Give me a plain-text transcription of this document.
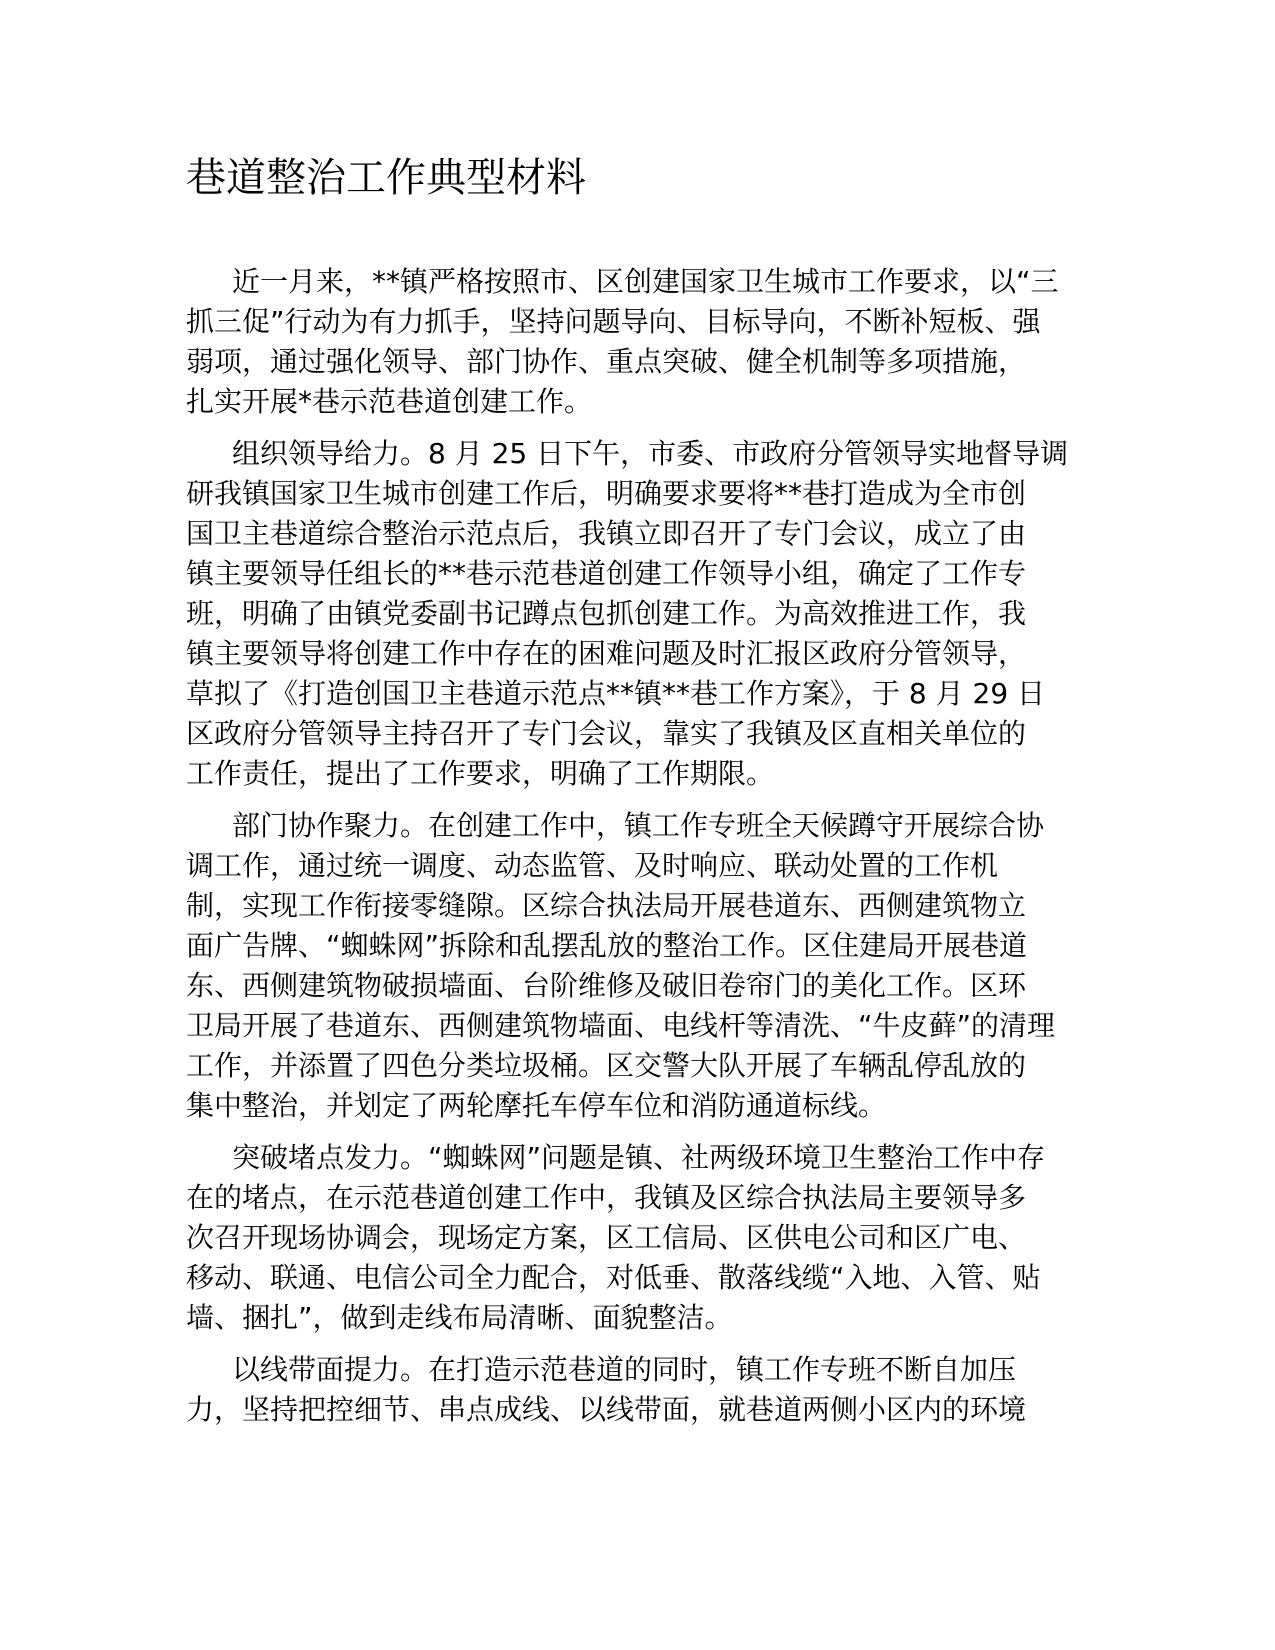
巷道整治工作典型材料

近一月来，**镇严格按照市、区创建国家卫生城市工作要求，以“三
抓三促”行动为有力抓手，坚持问题导向、目标导向，不断补短板、强
弱项，通过强化领导、部门协作、重点突破、健全机制等多项措施，
扎实开展*巷示范巷道创建工作。

组织领导给力。8 月 25 日下午，市委、市政府分管领导实地督导调
研我镇国家卫生城市创建工作后，明确要求要将**巷打造成为全市创
国卫主巷道综合整治示范点后，我镇立即召开了专门会议，成立了由
镇主要领导任组长的**巷示范巷道创建工作领导小组，确定了工作专
班，明确了由镇党委副书记蹲点包抓创建工作。为高效推进工作，我
镇主要领导将创建工作中存在的困难问题及时汇报区政府分管领导，
草拟了《打造创国卫主巷道示范点**镇**巷工作方案》，于 8 月 29 日
区政府分管领导主持召开了专门会议，靠实了我镇及区直相关单位的
工作责任，提出了工作要求，明确了工作期限。

部门协作聚力。在创建工作中，镇工作专班全天候蹲守开展综合协
调工作，通过统一调度、动态监管、及时响应、联动处置的工作机
制，实现工作衔接零缝隙。区综合执法局开展巷道东、西侧建筑物立
面广告牌、“蜘蛛网”拆除和乱摆乱放的整治工作。区住建局开展巷道
东、西侧建筑物破损墙面、台阶维修及破旧卷帘门的美化工作。区环
卫局开展了巷道东、西侧建筑物墙面、电线杆等清洗、“牛皮藓”的清理
工作，并添置了四色分类垃圾桶。区交警大队开展了车辆乱停乱放的
集中整治，并划定了两轮摩托车停车位和消防通道标线。

突破堵点发力。“蜘蛛网”问题是镇、社两级环境卫生整治工作中存
在的堵点，在示范巷道创建工作中，我镇及区综合执法局主要领导多
次召开现场协调会，现场定方案，区工信局、区供电公司和区广电、
移动、联通、电信公司全力配合，对低垂、散落线缆“入地、入管、贴
墙、捆扎”，做到走线布局清晰、面貌整洁。

以线带面提力。在打造示范巷道的同时，镇工作专班不断自加压
力，坚持把控细节、串点成线、以线带面，就巷道两侧小区内的环境
